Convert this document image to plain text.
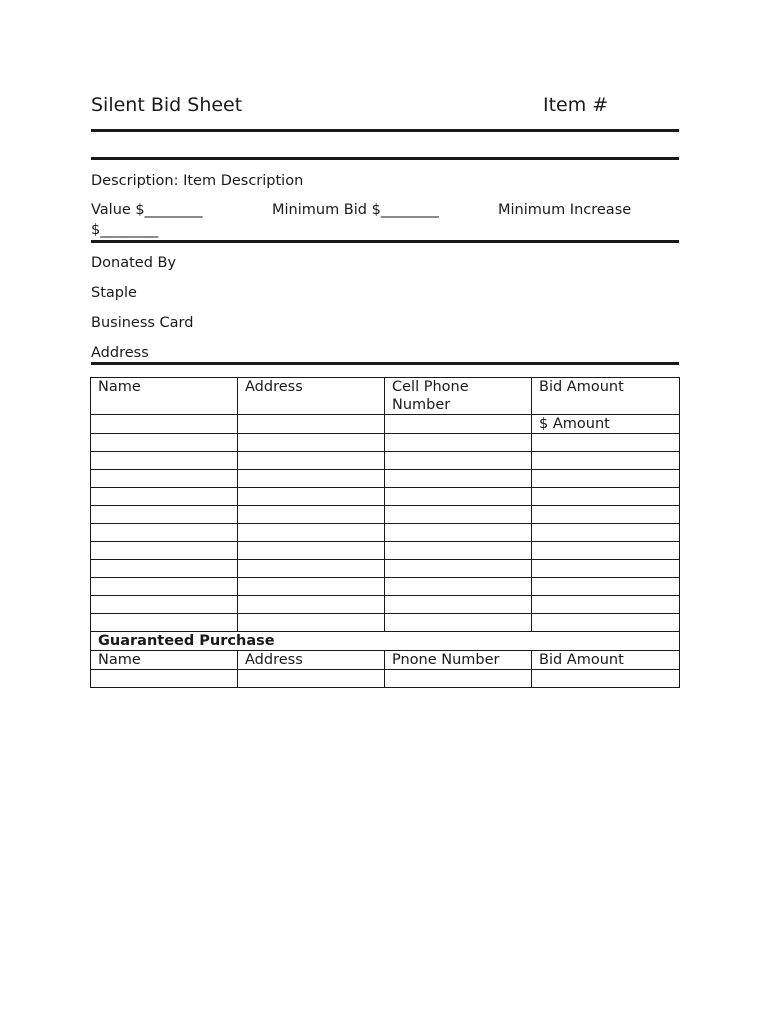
Silent Bid Sheet	Item #
Description: Item Description
Value $________	Minimum Bid $________	Minimum Increase
$________
Donated By
Staple
Business Card
Address
Name	Address	Cell Phone Number	Bid Amount
			$ Amount

Guaranteed Purchase			
Name	Address	Pnone Number	Bid Amount
